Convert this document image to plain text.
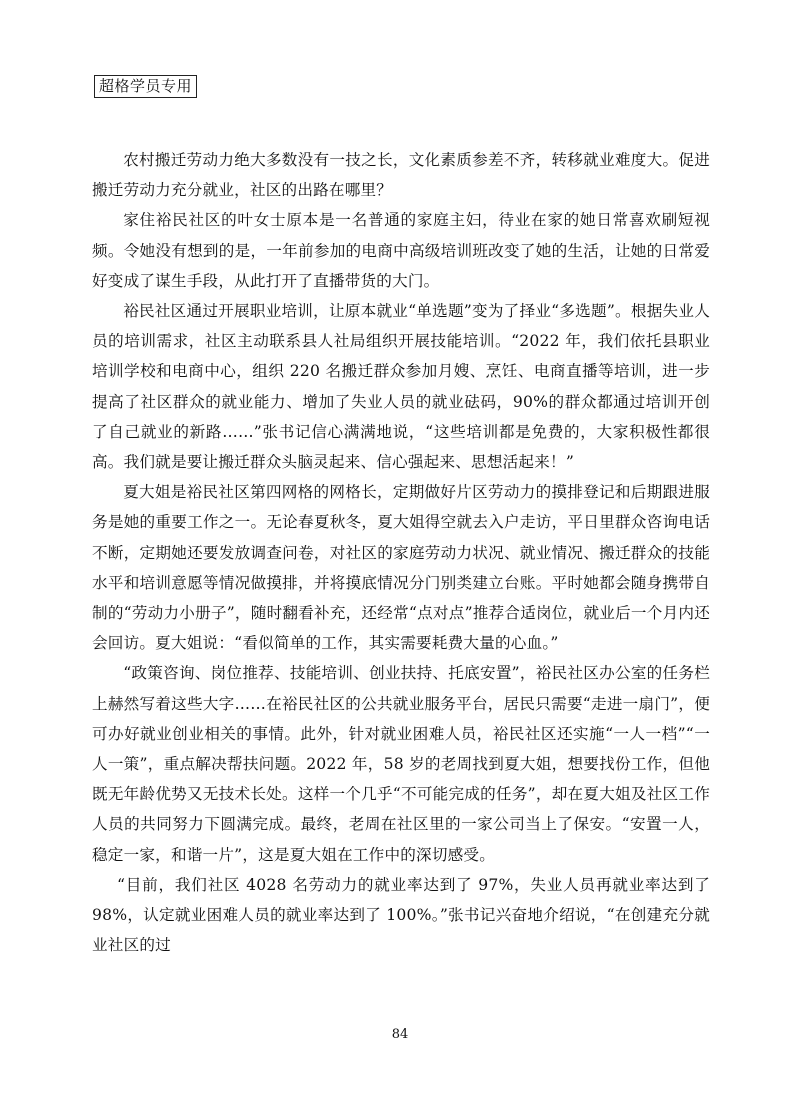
超格学员专用

农村搬迁劳动力绝大多数没有一技之长，文化素质参差不齐，转移就业难度大。促进搬迁劳动力充分就业，社区的出路在哪里？

家住裕民社区的叶女士原本是一名普通的家庭主妇，待业在家的她日常喜欢刷短视频。令她没有想到的是，一年前参加的电商中高级培训班改变了她的生活，让她的日常爱好变成了谋生手段，从此打开了直播带货的大门。

裕民社区通过开展职业培训，让原本就业“单选题”变为了择业“多选题”。根据失业人员的培训需求，社区主动联系县人社局组织开展技能培训。“2022 年，我们依托县职业培训学校和电商中心，组织 220 名搬迁群众参加月嫂、烹饪、电商直播等培训，进一步提高了社区群众的就业能力、增加了失业人员的就业砝码，90%的群众都通过培训开创了自己就业的新路……”张书记信心满满地说，“这些培训都是免费的，大家积极性都很高。我们就是要让搬迁群众头脑灵起来、信心强起来、思想活起来！”

夏大姐是裕民社区第四网格的网格长，定期做好片区劳动力的摸排登记和后期跟进服务是她的重要工作之一。无论春夏秋冬，夏大姐得空就去入户走访，平日里群众咨询电话不断，定期她还要发放调查问卷，对社区的家庭劳动力状况、就业情况、搬迁群众的技能水平和培训意愿等情况做摸排，并将摸底情况分门别类建立台账。平时她都会随身携带自制的“劳动力小册子”，随时翻看补充，还经常“点对点”推荐合适岗位，就业后一个月内还会回访。夏大姐说：“看似简单的工作，其实需要耗费大量的心血。”

“政策咨询、岗位推荐、技能培训、创业扶持、托底安置”，裕民社区办公室的任务栏上赫然写着这些大字……在裕民社区的公共就业服务平台，居民只需要“走进一扇门”，便可办好就业创业相关的事情。此外，针对就业困难人员，裕民社区还实施“一人一档”“一人一策”，重点解决帮扶问题。2022 年，58 岁的老周找到夏大姐，想要找份工作，但他既无年龄优势又无技术长处。这样一个几乎“不可能完成的任务”，却在夏大姐及社区工作人员的共同努力下圆满完成。最终，老周在社区里的一家公司当上了保安。“安置一人，稳定一家，和谐一片”，这是夏大姐在工作中的深切感受。

“目前，我们社区 4028 名劳动力的就业率达到了 97%，失业人员再就业率达到了 98%，认定就业困难人员的就业率达到了 100%。”张书记兴奋地介绍说，“在创建充分就业社区的过

84
